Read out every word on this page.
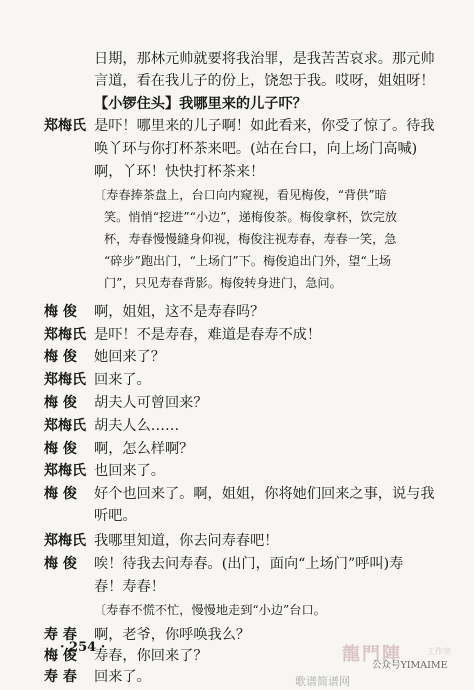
日期，那林元帅就要将我治罪，是我苦苦哀求。那元帅
言道，看在我儿子的份上，饶恕于我。哎呀，姐姐呀！
【小锣住头】我哪里来的儿子吓？
郑梅氏 是吓！哪里来的儿子啊！如此看来，你受了惊了。待我
唤丫环与你打杯茶来吧。(站在台口，向上场门高喊)
啊，丫环！快快打杯茶来！
〔寿春捧茶盘上，台口向内窥视，看见梅俊，“背供”暗
笑。悄悄“挖进”“小边”，递梅俊茶。梅俊拿杯，饮完放
杯，寿春慢慢縫身仰视，梅俊注视寿春，寿春一笑，急
“碎步”跑出门，“上场门”下。梅俊追出门外，望“上场
门”，只见寿春背影。梅俊转身进门，急问。
梅 俊 啊，姐姐，这不是寿春吗？
郑梅氏 是吓！不是寿春，难道是春寿不成！
梅 俊 她回来了？
郑梅氏 回来了。
梅 俊 胡夫人可曾回来？
郑梅氏 胡夫人么……
梅 俊 啊，怎么样啊？
郑梅氏 也回来了。
梅 俊 好个也回来了。啊，姐姐，你将她们回来之事，说与我
听吧。
郑梅氏 我哪里知道，你去问寿春吧！
梅 俊 唉！待我去问寿春。(出门，面向“上场门”呼叫)寿
春！寿春！
〔寿春不慌不忙，慢慢地走到“小边”台口。
寿 春 啊，老爷，你呼唤我么？
梅 俊 寿春，你回来了？
寿 春 回来了。
· 254 ·	龍門陣	工作室
公众号YIMAIME
歌谱简谱网
